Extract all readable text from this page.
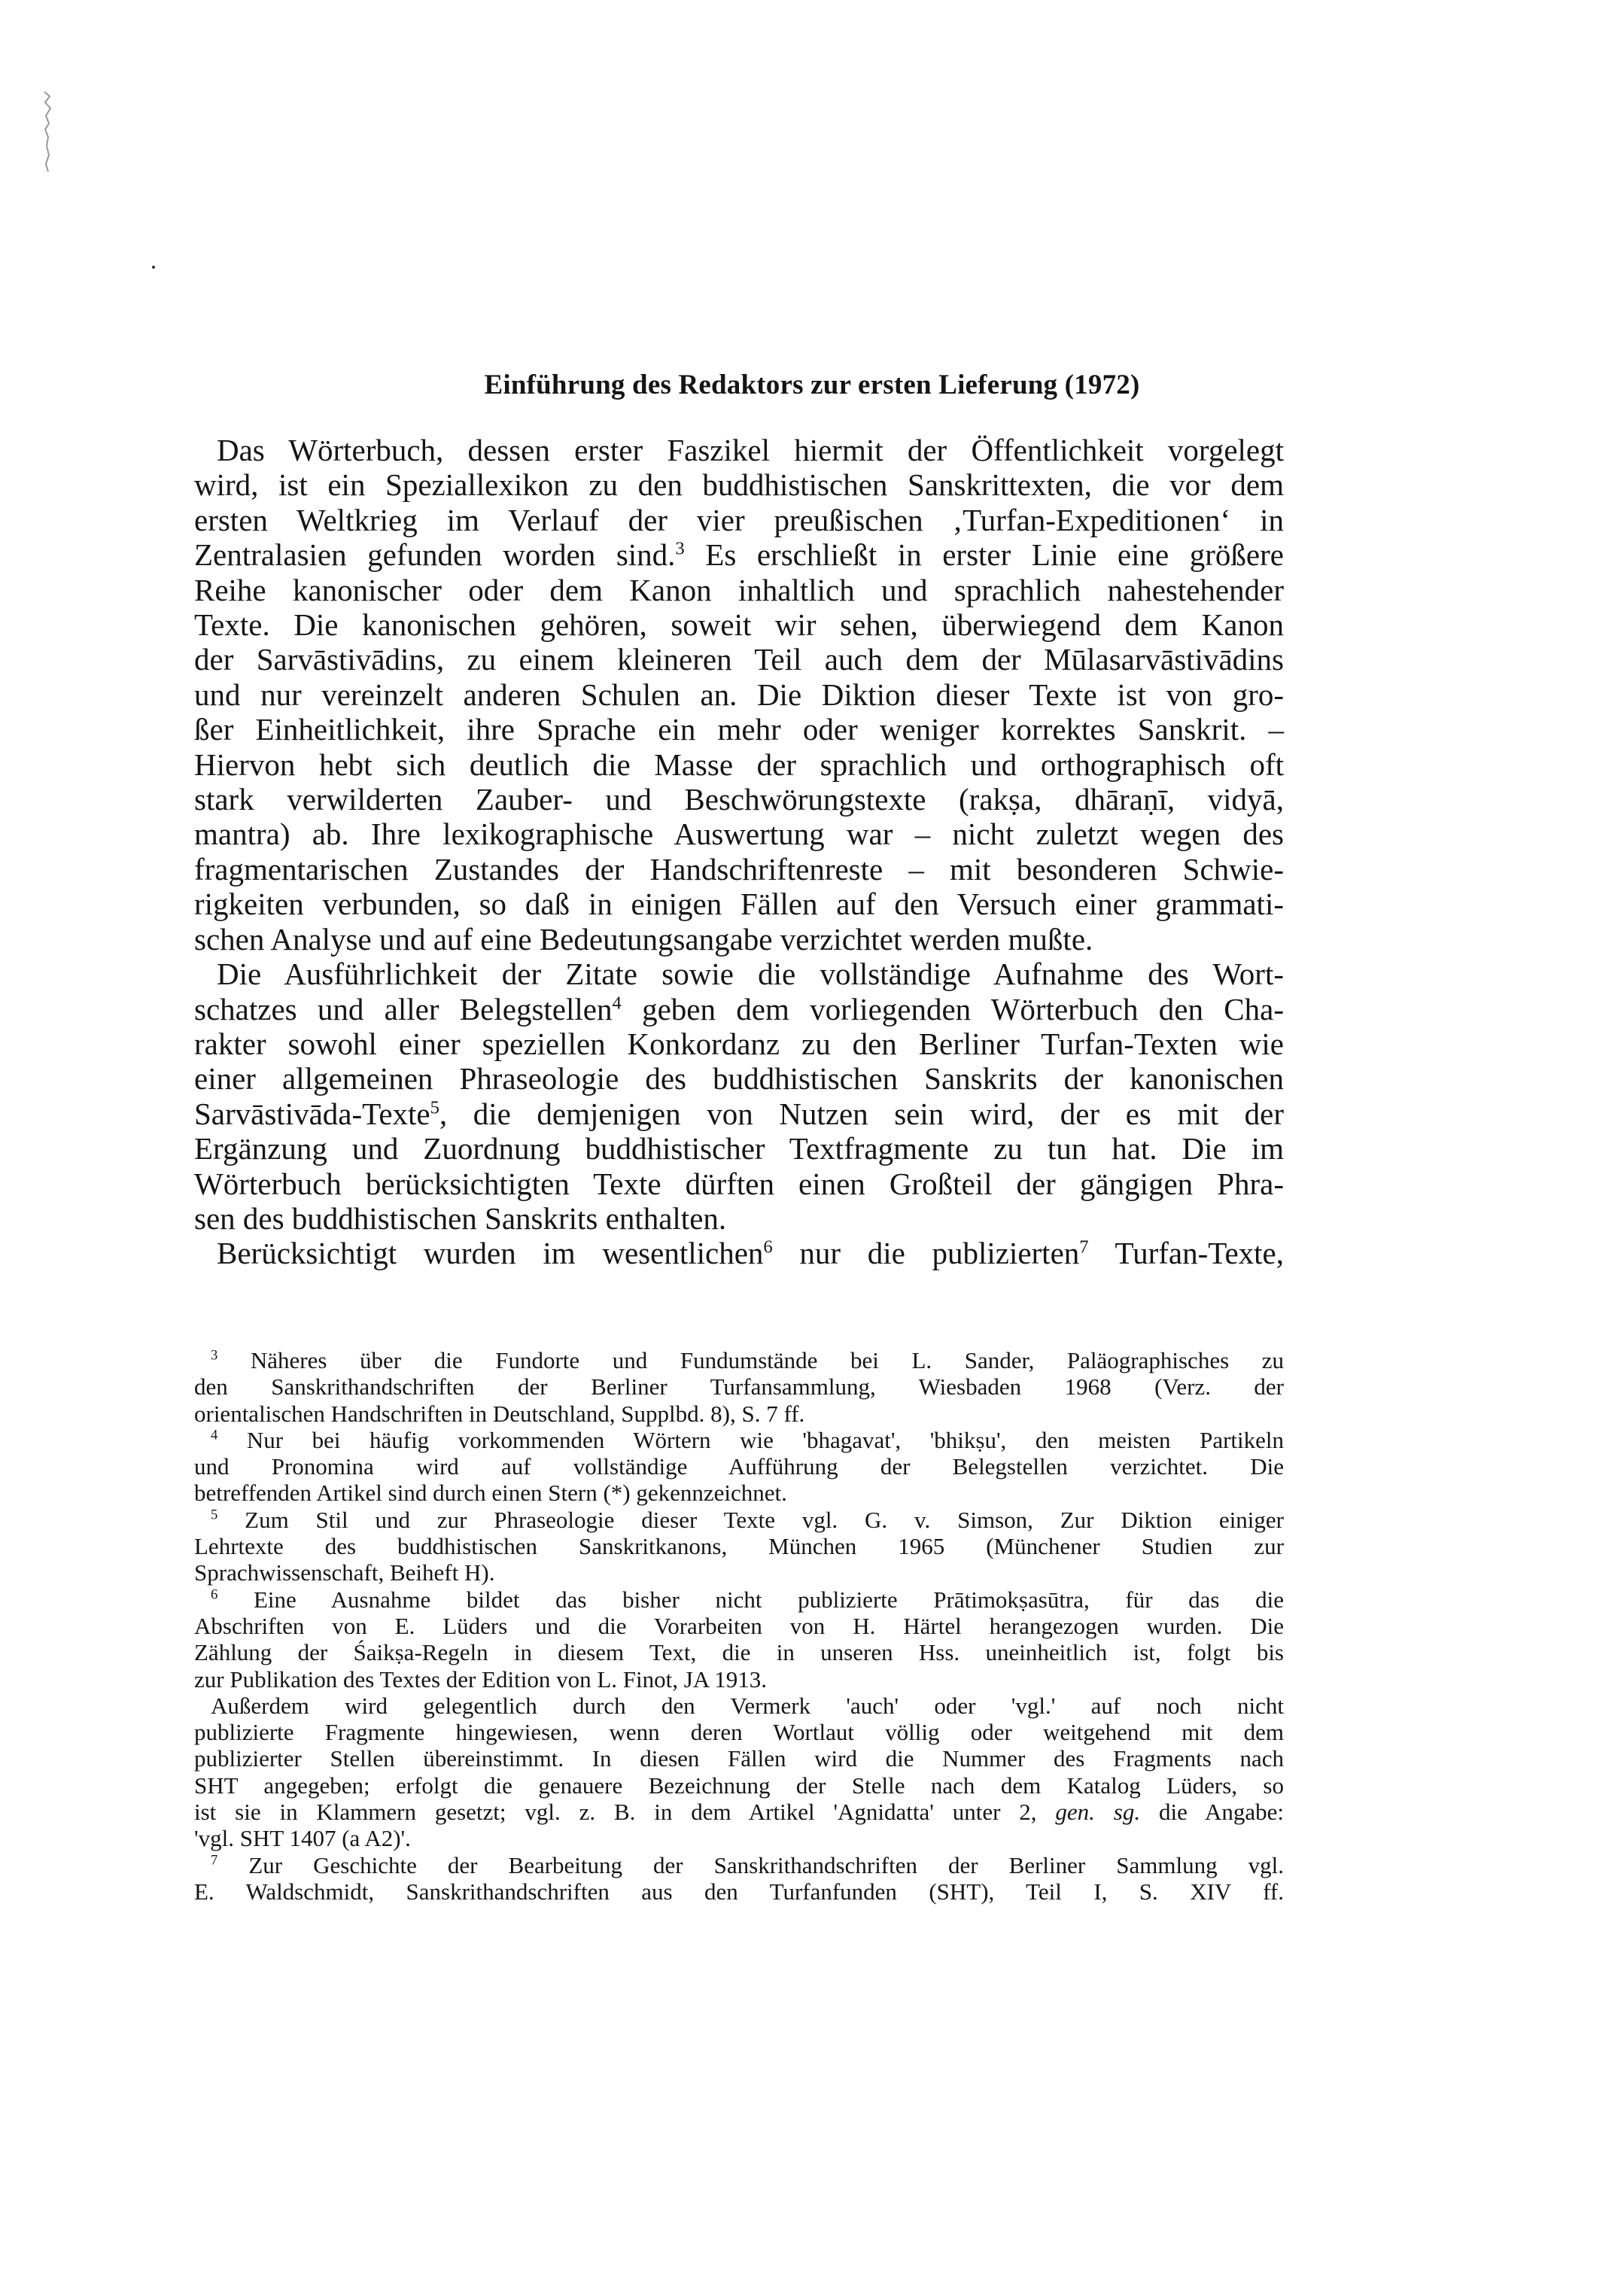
Einführung des Redaktors zur ersten Lieferung (1972)
Das Wörterbuch, dessen erster Faszikel hiermit der Öffentlichkeit vorgelegt
wird, ist ein Speziallexikon zu den buddhistischen Sanskrittexten, die vor dem
ersten Weltkrieg im Verlauf der vier preußischen ‚Turfan-Expeditionen‘ in
Zentralasien gefunden worden sind.$^3$ Es erschließt in erster Linie eine größere
Reihe kanonischer oder dem Kanon inhaltlich und sprachlich nahestehender
Texte. Die kanonischen gehören, soweit wir sehen, überwiegend dem Kanon
der Sarvāstivādins, zu einem kleineren Teil auch dem der Mūlasarvāstivādins
und nur vereinzelt anderen Schulen an. Die Diktion dieser Texte ist von gro-
ßer Einheitlichkeit, ihre Sprache ein mehr oder weniger korrektes Sanskrit. –
Hiervon hebt sich deutlich die Masse der sprachlich und orthographisch oft
stark verwilderten Zauber- und Beschwörungstexte (rakṣa, dhāraṇī, vidyā,
mantra) ab. Ihre lexikographische Auswertung war – nicht zuletzt wegen des
fragmentarischen Zustandes der Handschriftenreste – mit besonderen Schwie-
rigkeiten verbunden, so daß in einigen Fällen auf den Versuch einer grammati-
schen Analyse und auf eine Bedeutungsangabe verzichtet werden mußte.
Die Ausführlichkeit der Zitate sowie die vollständige Aufnahme des Wort-
schatzes und aller Belegstellen$^4$ geben dem vorliegenden Wörterbuch den Cha-
rakter sowohl einer speziellen Konkordanz zu den Berliner Turfan-Texten wie
einer allgemeinen Phraseologie des buddhistischen Sanskrits der kanonischen
Sarvāstivāda-Texte$^5$, die demjenigen von Nutzen sein wird, der es mit der
Ergänzung und Zuordnung buddhistischer Textfragmente zu tun hat. Die im
Wörterbuch berücksichtigten Texte dürften einen Großteil der gängigen Phra-
sen des buddhistischen Sanskrits enthalten.
Berücksichtigt wurden im wesentlichen$^6$ nur die publizierten$^7$ Turfan-Texte,
$^3$ Näheres über die Fundorte und Fundumstände bei L. Sander, Paläographisches zu
den Sanskrithandschriften der Berliner Turfansammlung, Wiesbaden 1968 (Verz. der
orientalischen Handschriften in Deutschland, Supplbd. 8), S. 7 ff.
$^4$ Nur bei häufig vorkommenden Wörtern wie 'bhagavat', 'bhikṣu', den meisten Partikeln
und Pronomina wird auf vollständige Aufführung der Belegstellen verzichtet. Die
betreffenden Artikel sind durch einen Stern (*) gekennzeichnet.
$^5$ Zum Stil und zur Phraseologie dieser Texte vgl. G. v. Simson, Zur Diktion einiger
Lehrtexte des buddhistischen Sanskritkanons, München 1965 (Münchener Studien zur
Sprachwissenschaft, Beiheft H).
$^6$ Eine Ausnahme bildet das bisher nicht publizierte Prātimokṣasūtra, für das die
Abschriften von E. Lüders und die Vorarbeiten von H. Härtel herangezogen wurden. Die
Zählung der Śaikṣa-Regeln in diesem Text, die in unseren Hss. uneinheitlich ist, folgt bis
zur Publikation des Textes der Edition von L. Finot, JA 1913.
Außerdem wird gelegentlich durch den Vermerk 'auch' oder 'vgl.' auf noch nicht
publizierte Fragmente hingewiesen, wenn deren Wortlaut völlig oder weitgehend mit dem
publizierter Stellen übereinstimmt. In diesen Fällen wird die Nummer des Fragments nach
SHT angegeben; erfolgt die genauere Bezeichnung der Stelle nach dem Katalog Lüders, so
ist sie in Klammern gesetzt; vgl. z. B. in dem Artikel 'Agnidatta' unter 2, gen. sg. die Angabe:
'vgl. SHT 1407 (a A2)'.
$^7$ Zur Geschichte der Bearbeitung der Sanskrithandschriften der Berliner Sammlung vgl.
E. Waldschmidt, Sanskrithandschriften aus den Turfanfunden (SHT), Teil I, S. XIV ff.
